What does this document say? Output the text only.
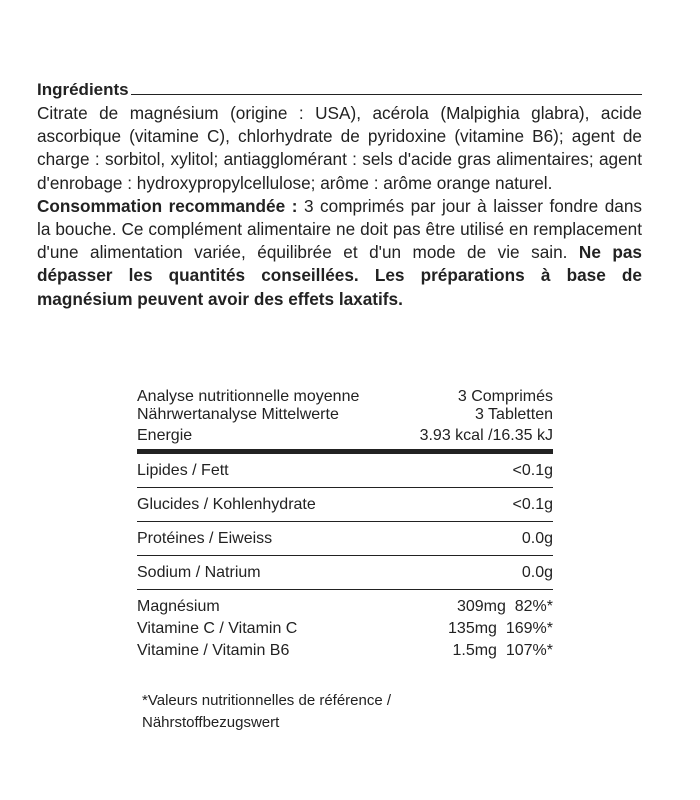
Ingrédients

Citrate de magnésium (origine : USA), acérola (Malpighia glabra), acide ascorbique (vitamine C), chlorhydrate de pyridoxine (vitamine B6); agent de charge : sorbitol, xylitol; antiagglomérant : sels d'acide gras alimentaires; agent d'enrobage : hydroxypropylcellulose; arôme : arôme orange naturel.

Consommation recommandée : 3 comprimés par jour à laisser fondre dans la bouche. Ce complément alimentaire ne doit pas être utilisé en remplacement d'une alimentation variée, équilibrée et d'un mode de vie sain. Ne pas dépasser les quantités conseillées. Les préparations à base de magnésium peuvent avoir des effets laxatifs.

Analyse nutritionnelle moyenne	3 Comprimés
Nährwertanalyse Mittelwerte	3 Tabletten
Energie	3.93 kcal /16.35 kJ
Lipides / Fett	<0.1g
Glucides / Kohlenhydrate	<0.1g
Protéines / Eiweiss	0.0g
Sodium / Natrium	0.0g
Magnésium	309mg 82%*
Vitamine C / Vitamin C	135mg 169%*
Vitamine / Vitamin B6	1.5mg 107%*
*Valeurs nutritionnelles de référence /
Nährstoffbezugswert
